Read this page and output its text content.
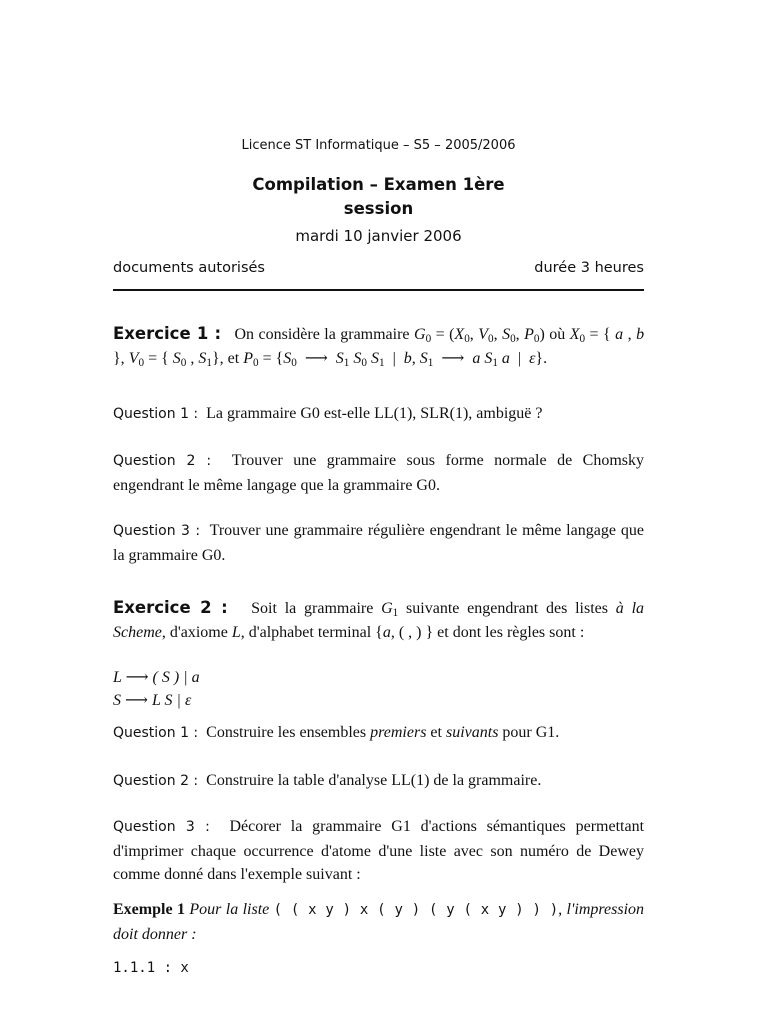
Licence ST Informatique – S5 – 2005/2006
Compilation – Examen 1ère
session
mardi 10 janvier 2006
documents autorisés	durée 3 heures
Exercice 1 : On considère la grammaire $G_0 = (X_0$, $V_0$, $S_0$, $P_0$) où $X_0$ = { a , b }, $V_0$ = { $S_0$ , $S_1$}, et $P_0 = \{S_0$  ⟶  $S_1$ $S_0$ $S_1$  |  b, $S_1$  ⟶  a $S_1$ a  |  ε}.
Question 1 : La grammaire G0 est-elle LL(1), SLR(1), ambiguë ?
Question 2 : Trouver une grammaire sous forme normale de Chomsky engendrant le même langage que la grammaire G0.
Question 3 : Trouver une grammaire régulière engendrant le même langage que la grammaire G0.
Exercice 2 : Soit la grammaire $G_1$ suivante engendrant des listes à la Scheme, d'axiome L, d'alphabet terminal {a, ( , ) } et dont les règles sont :
L ⟶ ( S ) | a
S ⟶ L S | ε
Question 1 : Construire les ensembles premiers et suivants pour G1.
Question 2 : Construire la table d'analyse LL(1) de la grammaire.
Question 3 : Décorer la grammaire G1 d'actions sémantiques permettant d'imprimer chaque occurrence d'atome d'une liste avec son numéro de Dewey comme donné dans l'exemple suivant :
Exemple 1 Pour la liste ( ( x y ) x ( y ) ( y ( x y ) ) ), l'impression doit donner :
1.1.1 : x
